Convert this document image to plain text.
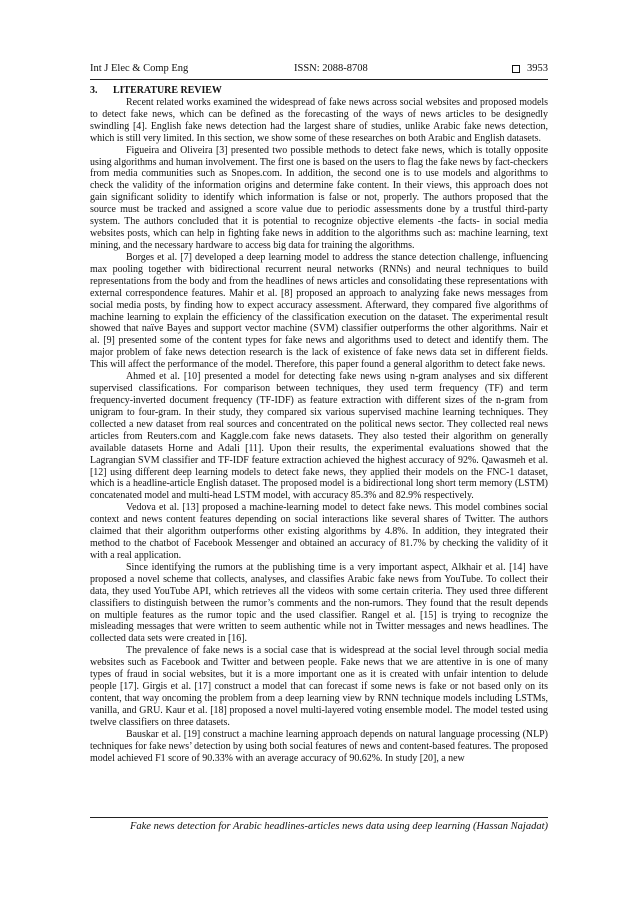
Int J Elec & Comp Eng	ISSN: 2088-8708	3953
3. LITERATURE REVIEW

Recent related works examined the widespread of fake news across social websites and proposed models to detect fake news, which can be defined as the forecasting of the ways of news articles to be designedly swindling [4]. English fake news detection had the largest share of studies, unlike Arabic fake news detection, which is still very limited. In this section, we show some of these researches on both Arabic and English datasets.

Figueira and Oliveira [3] presented two possible methods to detect fake news, which is totally opposite using algorithms and human involvement. The first one is based on the users to flag the fake news by fact-checkers from media communities such as Snopes.com. In addition, the second one is to use models and algorithms to check the validity of the information origins and determine fake content. In their views, this approach does not gain significant solidity to identify which information is false or not, properly. The authors proposed that the source must be tracked and assigned a score value due to periodic assessments done by a trustful third-party system. The authors concluded that it is potential to recognize objective elements -the facts- in social media websites posts, which can help in fighting fake news in addition to the algorithms such as: machine learning, text mining, and the necessary hardware to access big data for training the algorithms.

Borges et al. [7] developed a deep learning model to address the stance detection challenge, influencing max pooling together with bidirectional recurrent neural networks (RNNs) and neural techniques to build representations from the body and from the headlines of news articles and consolidating these representations with external correspondence features. Mahir et al. [8] proposed an approach to analyzing fake news messages from social media posts, by finding how to expect accuracy assessment. Afterward, they compared five algorithms of machine learning to explain the efficiency of the classification execution on the dataset. The experimental result showed that naïve Bayes and support vector machine (SVM) classifier outperforms the other algorithms. Nair et al. [9] presented some of the content types for fake news and algorithms used to detect and identify them. The major problem of fake news detection research is the lack of existence of fake news data set in different fields. This will affect the performance of the model. Therefore, this paper found a general algorithm to detect fake news.

Ahmed et al. [10] presented a model for detecting fake news using n-gram analyses and six different supervised classifications. For comparison between techniques, they used term frequency (TF) and term frequency-inverted document frequency (TF-IDF) as feature extraction with different sizes of the n-gram from unigram to four-gram. In their study, they compared six various supervised machine learning techniques. They collected a new dataset from real sources and concentrated on the political news sector. They collected real news articles from Reuters.com and Kaggle.com fake news datasets. They also tested their algorithm on generally available datasets Horne and Adali [11]. Upon their results, the experimental evaluations showed that the Lagrangian SVM classifier and TF-IDF feature extraction achieved the highest accuracy of 92%. Qawasmeh et al. [12] using different deep learning models to detect fake news, they applied their models on the FNC-1 dataset, which is a headline-article English dataset. The proposed model is a bidirectional long short term memory (LSTM) concatenated model and multi-head LSTM model, with accuracy 85.3% and 82.9% respectively.

Vedova et al. [13] proposed a machine-learning model to detect fake news. This model combines social context and news content features depending on social interactions like several shares of Twitter. The authors claimed that their algorithm outperforms other existing algorithms by 4.8%. In addition, they integrated their method to the chatbot of Facebook Messenger and obtained an accuracy of 81.7% by checking the validity of it with a real application.

Since identifying the rumors at the publishing time is a very important aspect, Alkhair et al. [14] have proposed a novel scheme that collects, analyses, and classifies Arabic fake news from YouTube. To collect their data, they used YouTube API, which retrieves all the videos with some certain criteria. They used three different classifiers to distinguish between the rumor’s comments and the non-rumors. They found that the result depends on multiple features as the rumor topic and the used classifier. Rangel et al. [15] is trying to recognize the misleading messages that were written to seem authentic while not in Twitter messages and news headlines. The collected data sets were created in [16].

The prevalence of fake news is a social case that is widespread at the social level through social media websites such as Facebook and Twitter and between people. Fake news that we are attentive in is one of many types of fraud in social websites, but it is a more important one as it is created with unfair intention to delude people [17]. Girgis et al. [17] construct a model that can forecast if some news is fake or not based only on its content, that way oncoming the problem from a deep learning view by RNN technique models including LSTMs, vanilla, and GRU. Kaur et al. [18] proposed a novel multi-layered voting ensemble model. The model tested using twelve classifiers on three datasets.

Bauskar et al. [19] construct a machine learning approach depends on natural language processing (NLP) techniques for fake news’ detection by using both social features of news and content-based features. The proposed model achieved F1 score of 90.33% with an average accuracy of 90.62%. In study [20], a new

Fake news detection for Arabic headlines-articles news data using deep learning (Hassan Najadat)
